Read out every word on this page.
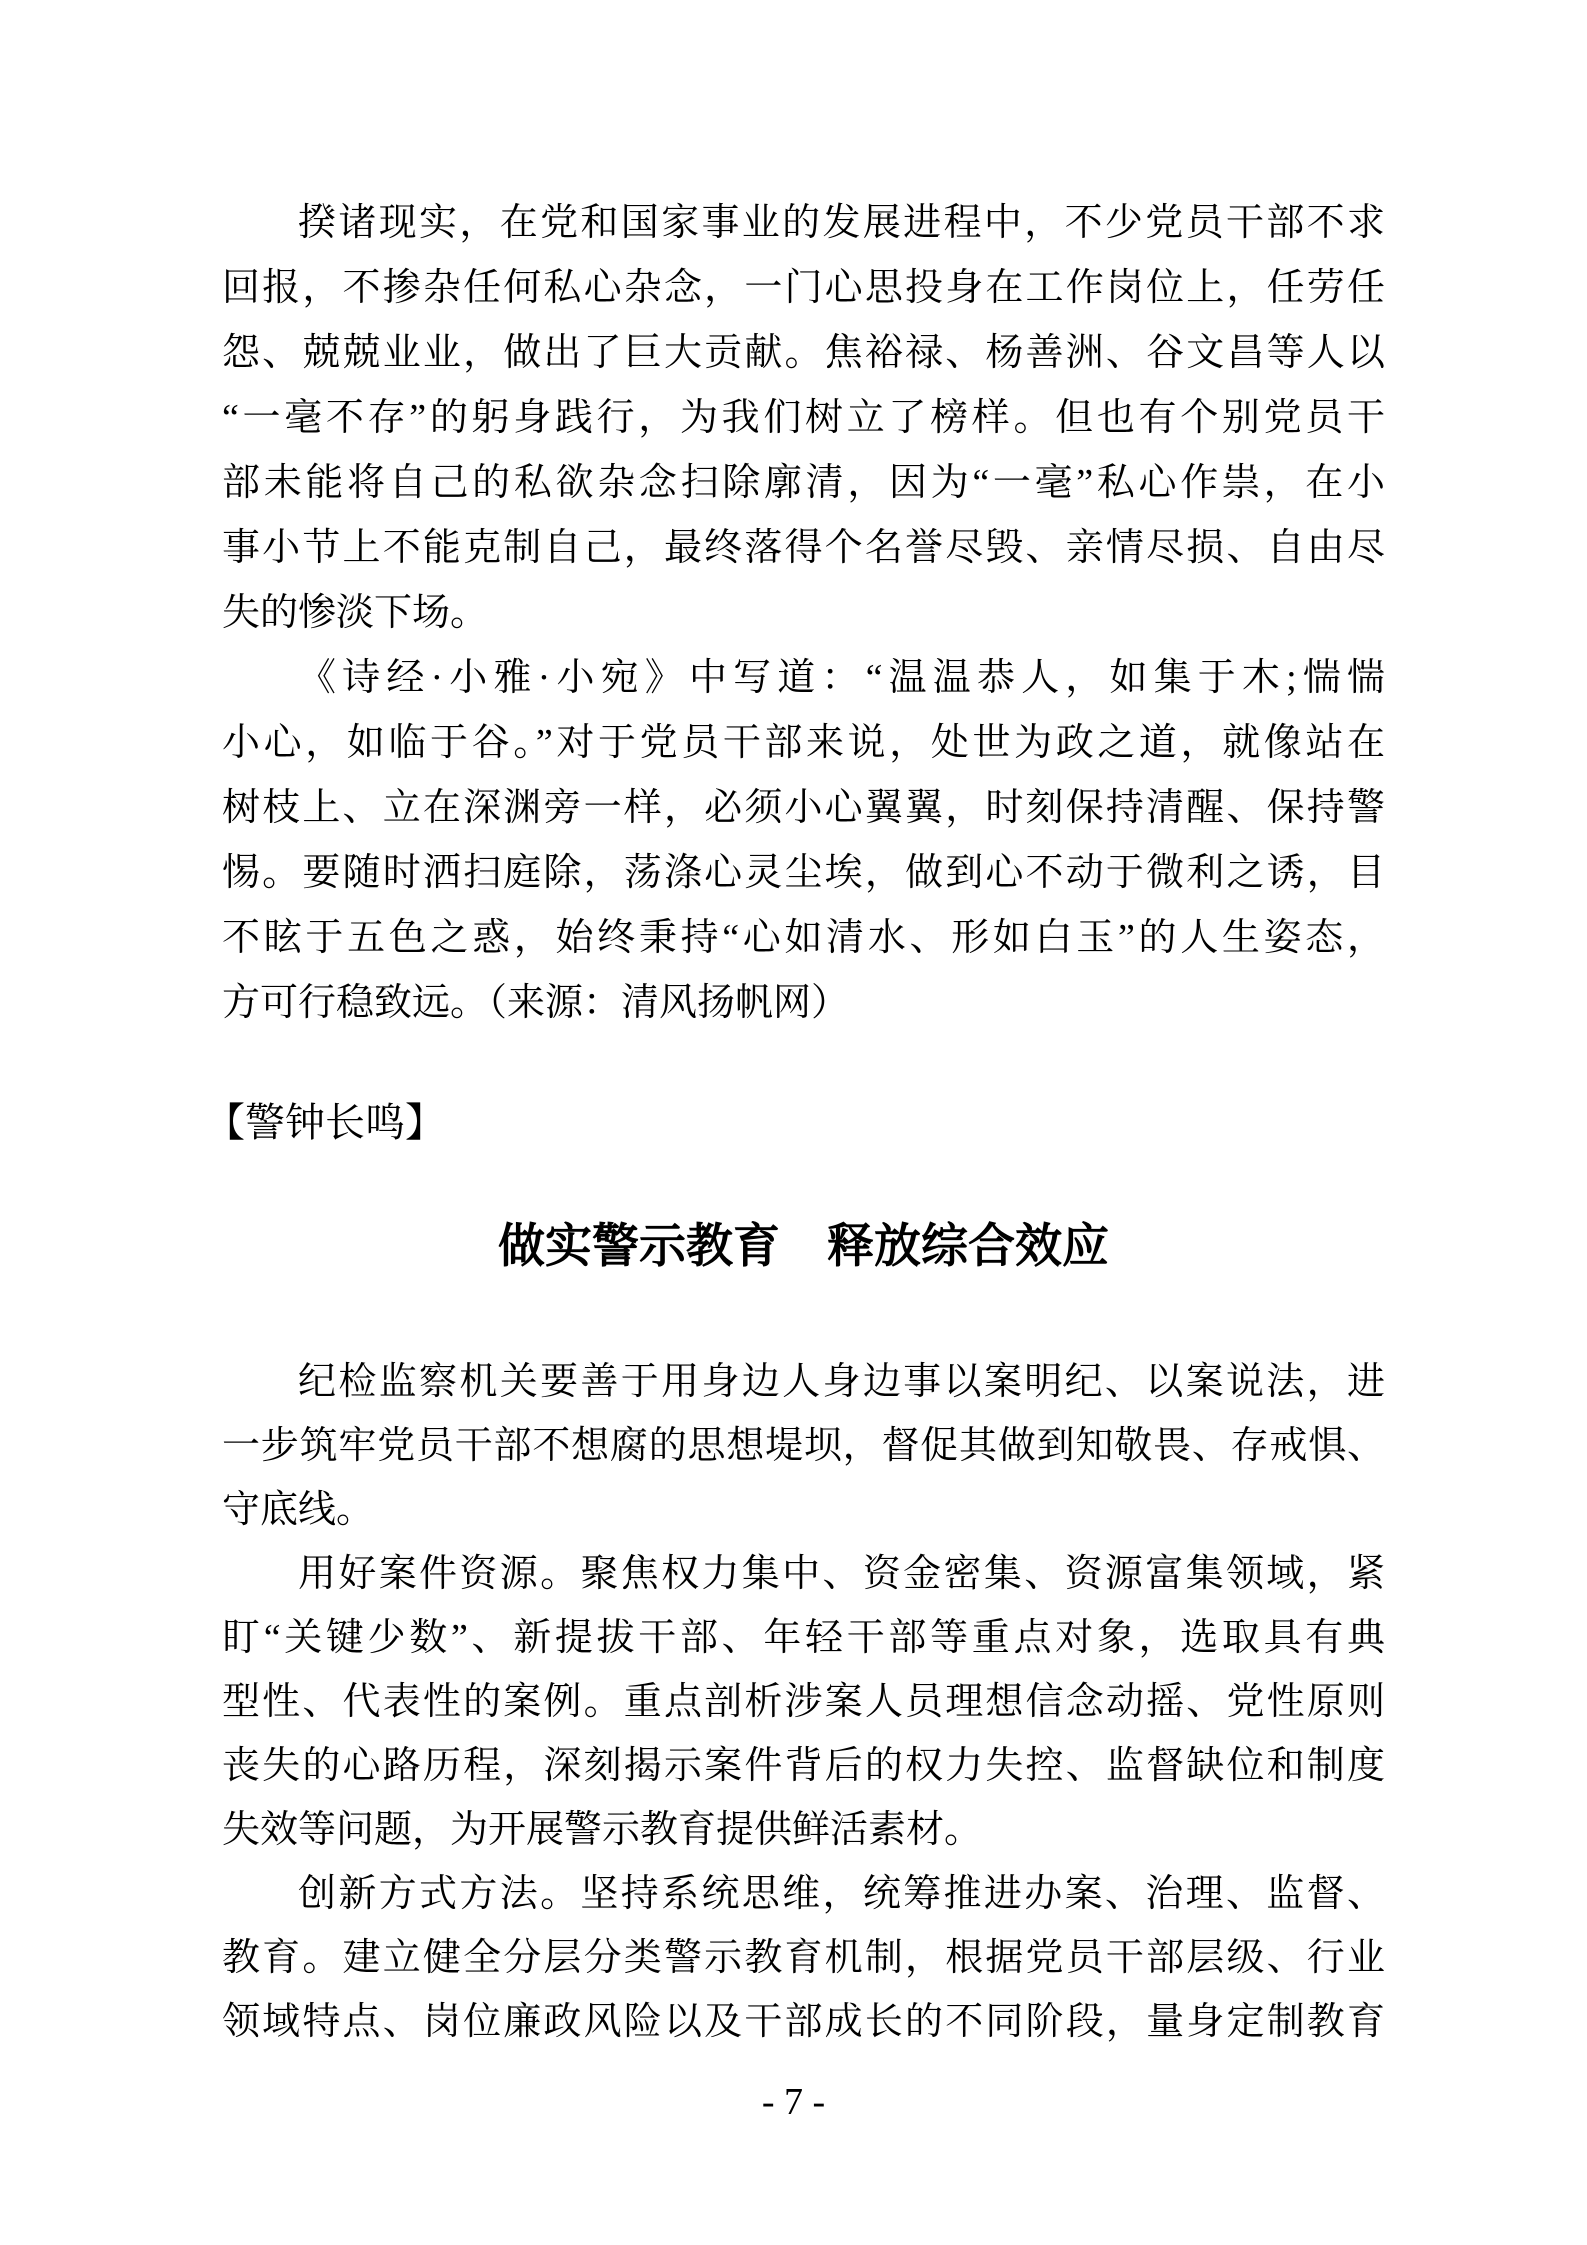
揆诸现实，在党和国家事业的发展进程中，不少党员干部不求
回报，不掺杂任何私心杂念，一门心思投身在工作岗位上，任劳任
怨、兢兢业业，做出了巨大贡献。焦裕禄、杨善洲、谷文昌等人以
“一毫不存”的躬身践行，为我们树立了榜样。但也有个别党员干
部未能将自己的私欲杂念扫除廓清，因为“一毫”私心作祟，在小
事小节上不能克制自己，最终落得个名誉尽毁、亲情尽损、自由尽
失的惨淡下场。
《诗经·小雅·小宛》中写道：“温温恭人，如集于木;惴惴
小心，如临于谷。”对于党员干部来说，处世为政之道，就像站在
树枝上、立在深渊旁一样，必须小心翼翼，时刻保持清醒、保持警
惕。要随时洒扫庭除，荡涤心灵尘埃，做到心不动于微利之诱，目
不眩于五色之惑，始终秉持“心如清水、形如白玉”的人生姿态，
方可行稳致远。（来源：清风扬帆网）
【警钟长鸣】
做实警示教育　释放综合效应
纪检监察机关要善于用身边人身边事以案明纪、以案说法，进
一步筑牢党员干部不想腐的思想堤坝，督促其做到知敬畏、存戒惧、
守底线。
用好案件资源。聚焦权力集中、资金密集、资源富集领域，紧
盯“关键少数”、新提拔干部、年轻干部等重点对象，选取具有典
型性、代表性的案例。重点剖析涉案人员理想信念动摇、党性原则
丧失的心路历程，深刻揭示案件背后的权力失控、监督缺位和制度
失效等问题，为开展警示教育提供鲜活素材。
创新方式方法。坚持系统思维，统筹推进办案、治理、监督、
教育。建立健全分层分类警示教育机制，根据党员干部层级、行业
领域特点、岗位廉政风险以及干部成长的不同阶段，量身定制教育
- 7 -
